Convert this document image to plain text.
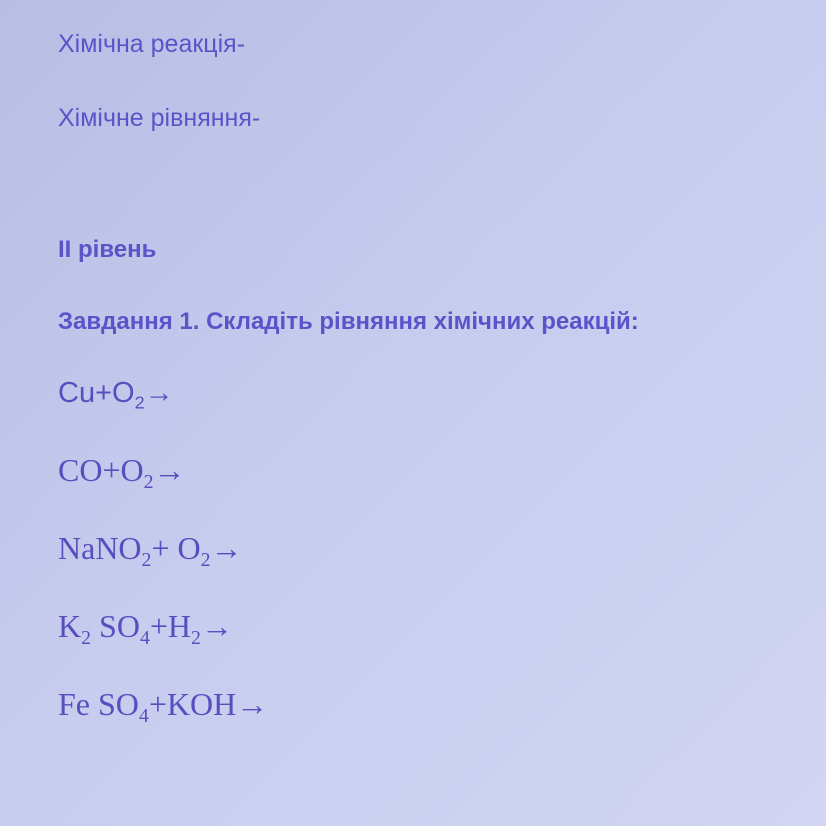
Хімічна реакція-
Хімічне рівняння-
ІІ рівень
Завдання 1. Складіть рівняння хімічних реакцій:
$Cu+O_2\to$
$CO+O_2\to$
NaNO$_2$+ $O_2\to$
$K_2$ $SO_4+H_2\to$
Fe $SO_4+KOH\to$
